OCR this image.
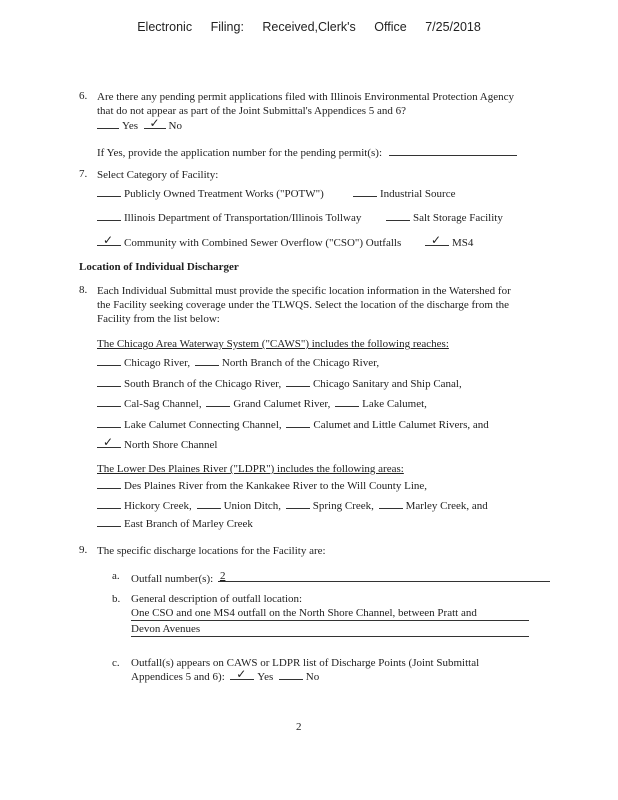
Electronic Filing: Received,Clerk's Office 7/25/2018
6. Are there any pending permit applications filed with Illinois Environmental Protection Agency
that do not appear as part of the Joint Submittal's Appendices 5 and 6?
Yes ✓ No
If Yes, provide the application number for the pending permit(s):
7. Select Category of Facility:
Publicly Owned Treatment Works ("POTW")	Industrial Source
Illinois Department of Transportation/Illinois Tollway	Salt Storage Facility
✓ Community with Combined Sewer Overflow ("CSO") Outfalls ✓ MS4
Location of Individual Discharger
8. Each Individual Submittal must provide the specific location information in the Watershed for
the Facility seeking coverage under the TLWQS. Select the location of the discharge from the
Facility from the list below:
The Chicago Area Waterway System ("CAWS") includes the following reaches:
Chicago River,	North Branch of the Chicago River,
South Branch of the Chicago River,	Chicago Sanitary and Ship Canal,
Cal-Sag Channel,	Grand Calumet River,	Lake Calumet,
Lake Calumet Connecting Channel,	Calumet and Little Calumet Rivers, and
✓ North Shore Channel
The Lower Des Plaines River ("LDPR") includes the following areas:
Des Plaines River from the Kankakee River to the Will County Line,
Hickory Creek,	Union Ditch,	Spring Creek,	Marley Creek, and
East Branch of Marley Creek
9. The specific discharge locations for the Facility are:
a. Outfall number(s): 2
b. General description of outfall location:
One CSO and one MS4 outfall on the North Shore Channel, between Pratt and
Devon Avenues
c. Outfall(s) appears on CAWS or LDPR list of Discharge Points (Joint Submittal
Appendices 5 and 6): ✓ Yes	No
2
